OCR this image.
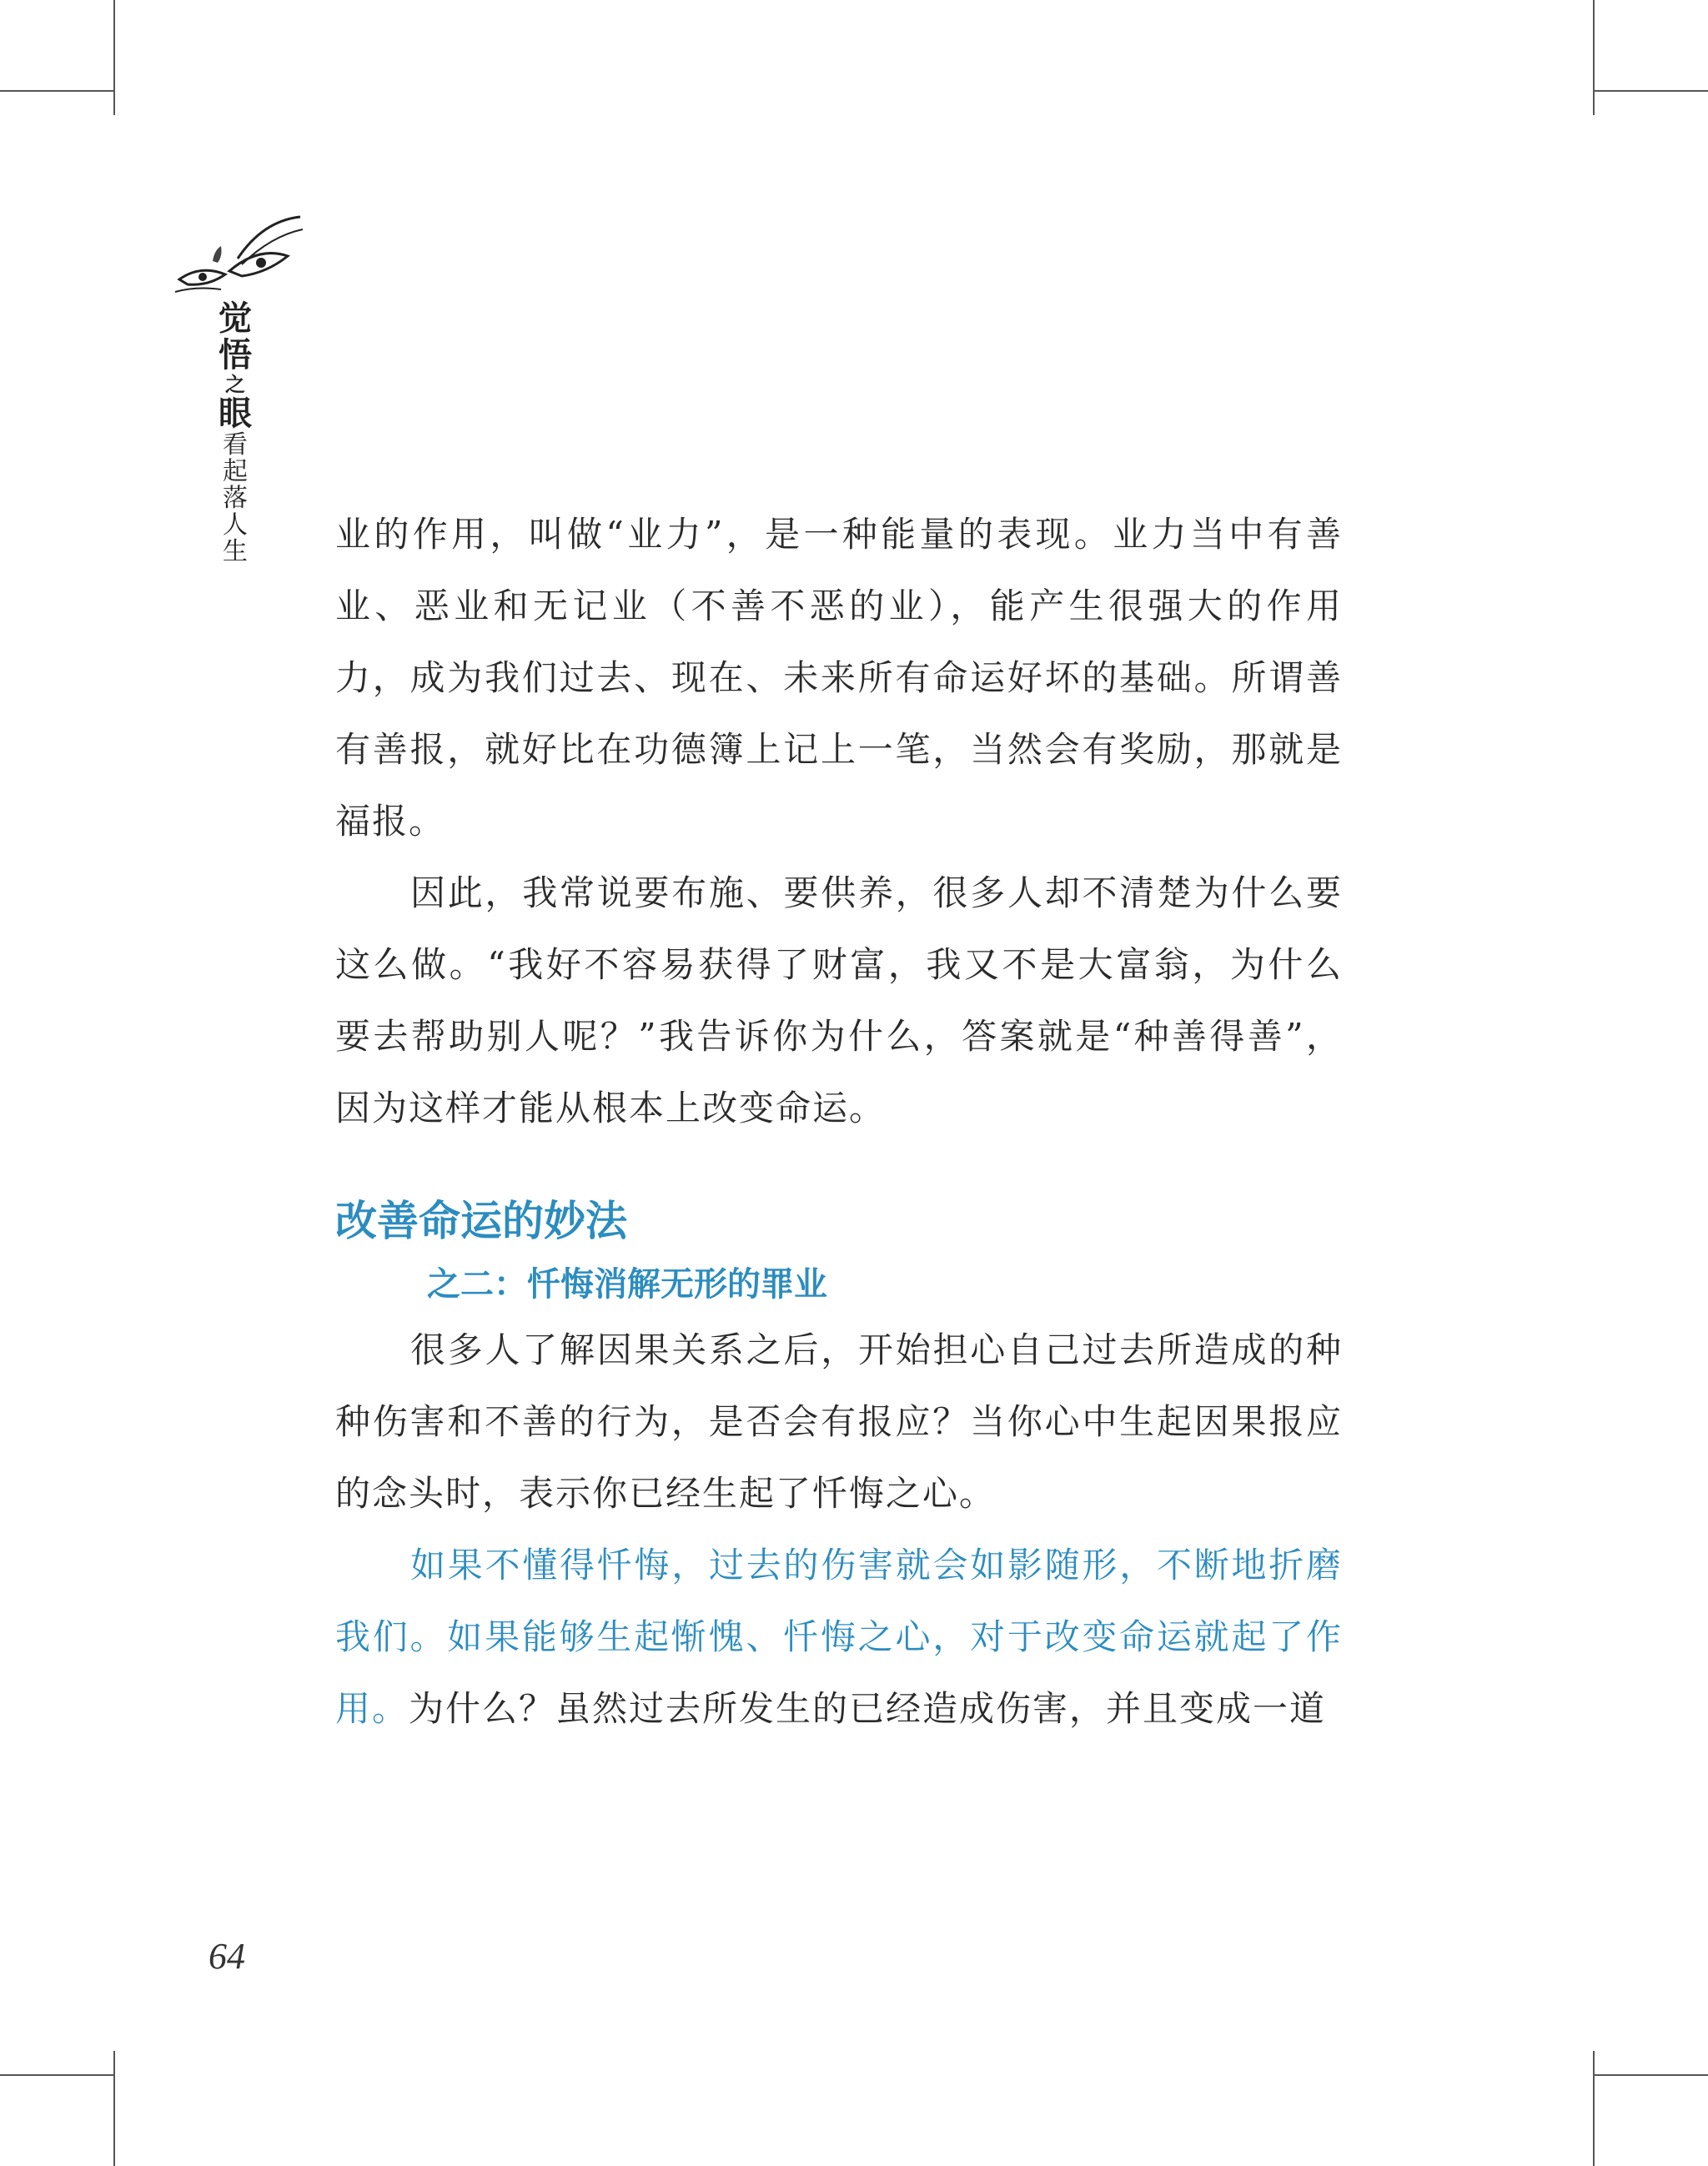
觉
悟
之
眼
看
起
落
人
生	业的作用，叫做“业力”，是一种能量的表现。业力当中有善业、恶业和无记业（不善不恶的业），能产生很强大的作用力，成为我们过去、现在、未来所有命运好坏的基础。所谓善有善报，就好比在功德簿上记上一笔，当然会有奖励，那就是福报。

因此，我常说要布施、要供养，很多人却不清楚为什么要这么做。“我好不容易获得了财富，我又不是大富翁，为什么要去帮助别人呢？”我告诉你为什么，答案就是“种善得善”，因为这样才能从根本上改变命运。

改善命运的妙法
之二：忏悔消解无形的罪业

很多人了解因果关系之后，开始担心自己过去所造成的种种伤害和不善的行为，是否会有报应？当你心中生起因果报应的念头时，表示你已经生起了忏悔之心。

如果不懂得忏悔，过去的伤害就会如影随形，不断地折磨我们。如果能够生起惭愧、忏悔之心，对于改变命运就起了作用。为什么？虽然过去所发生的已经造成伤害，并且变成一道

64
